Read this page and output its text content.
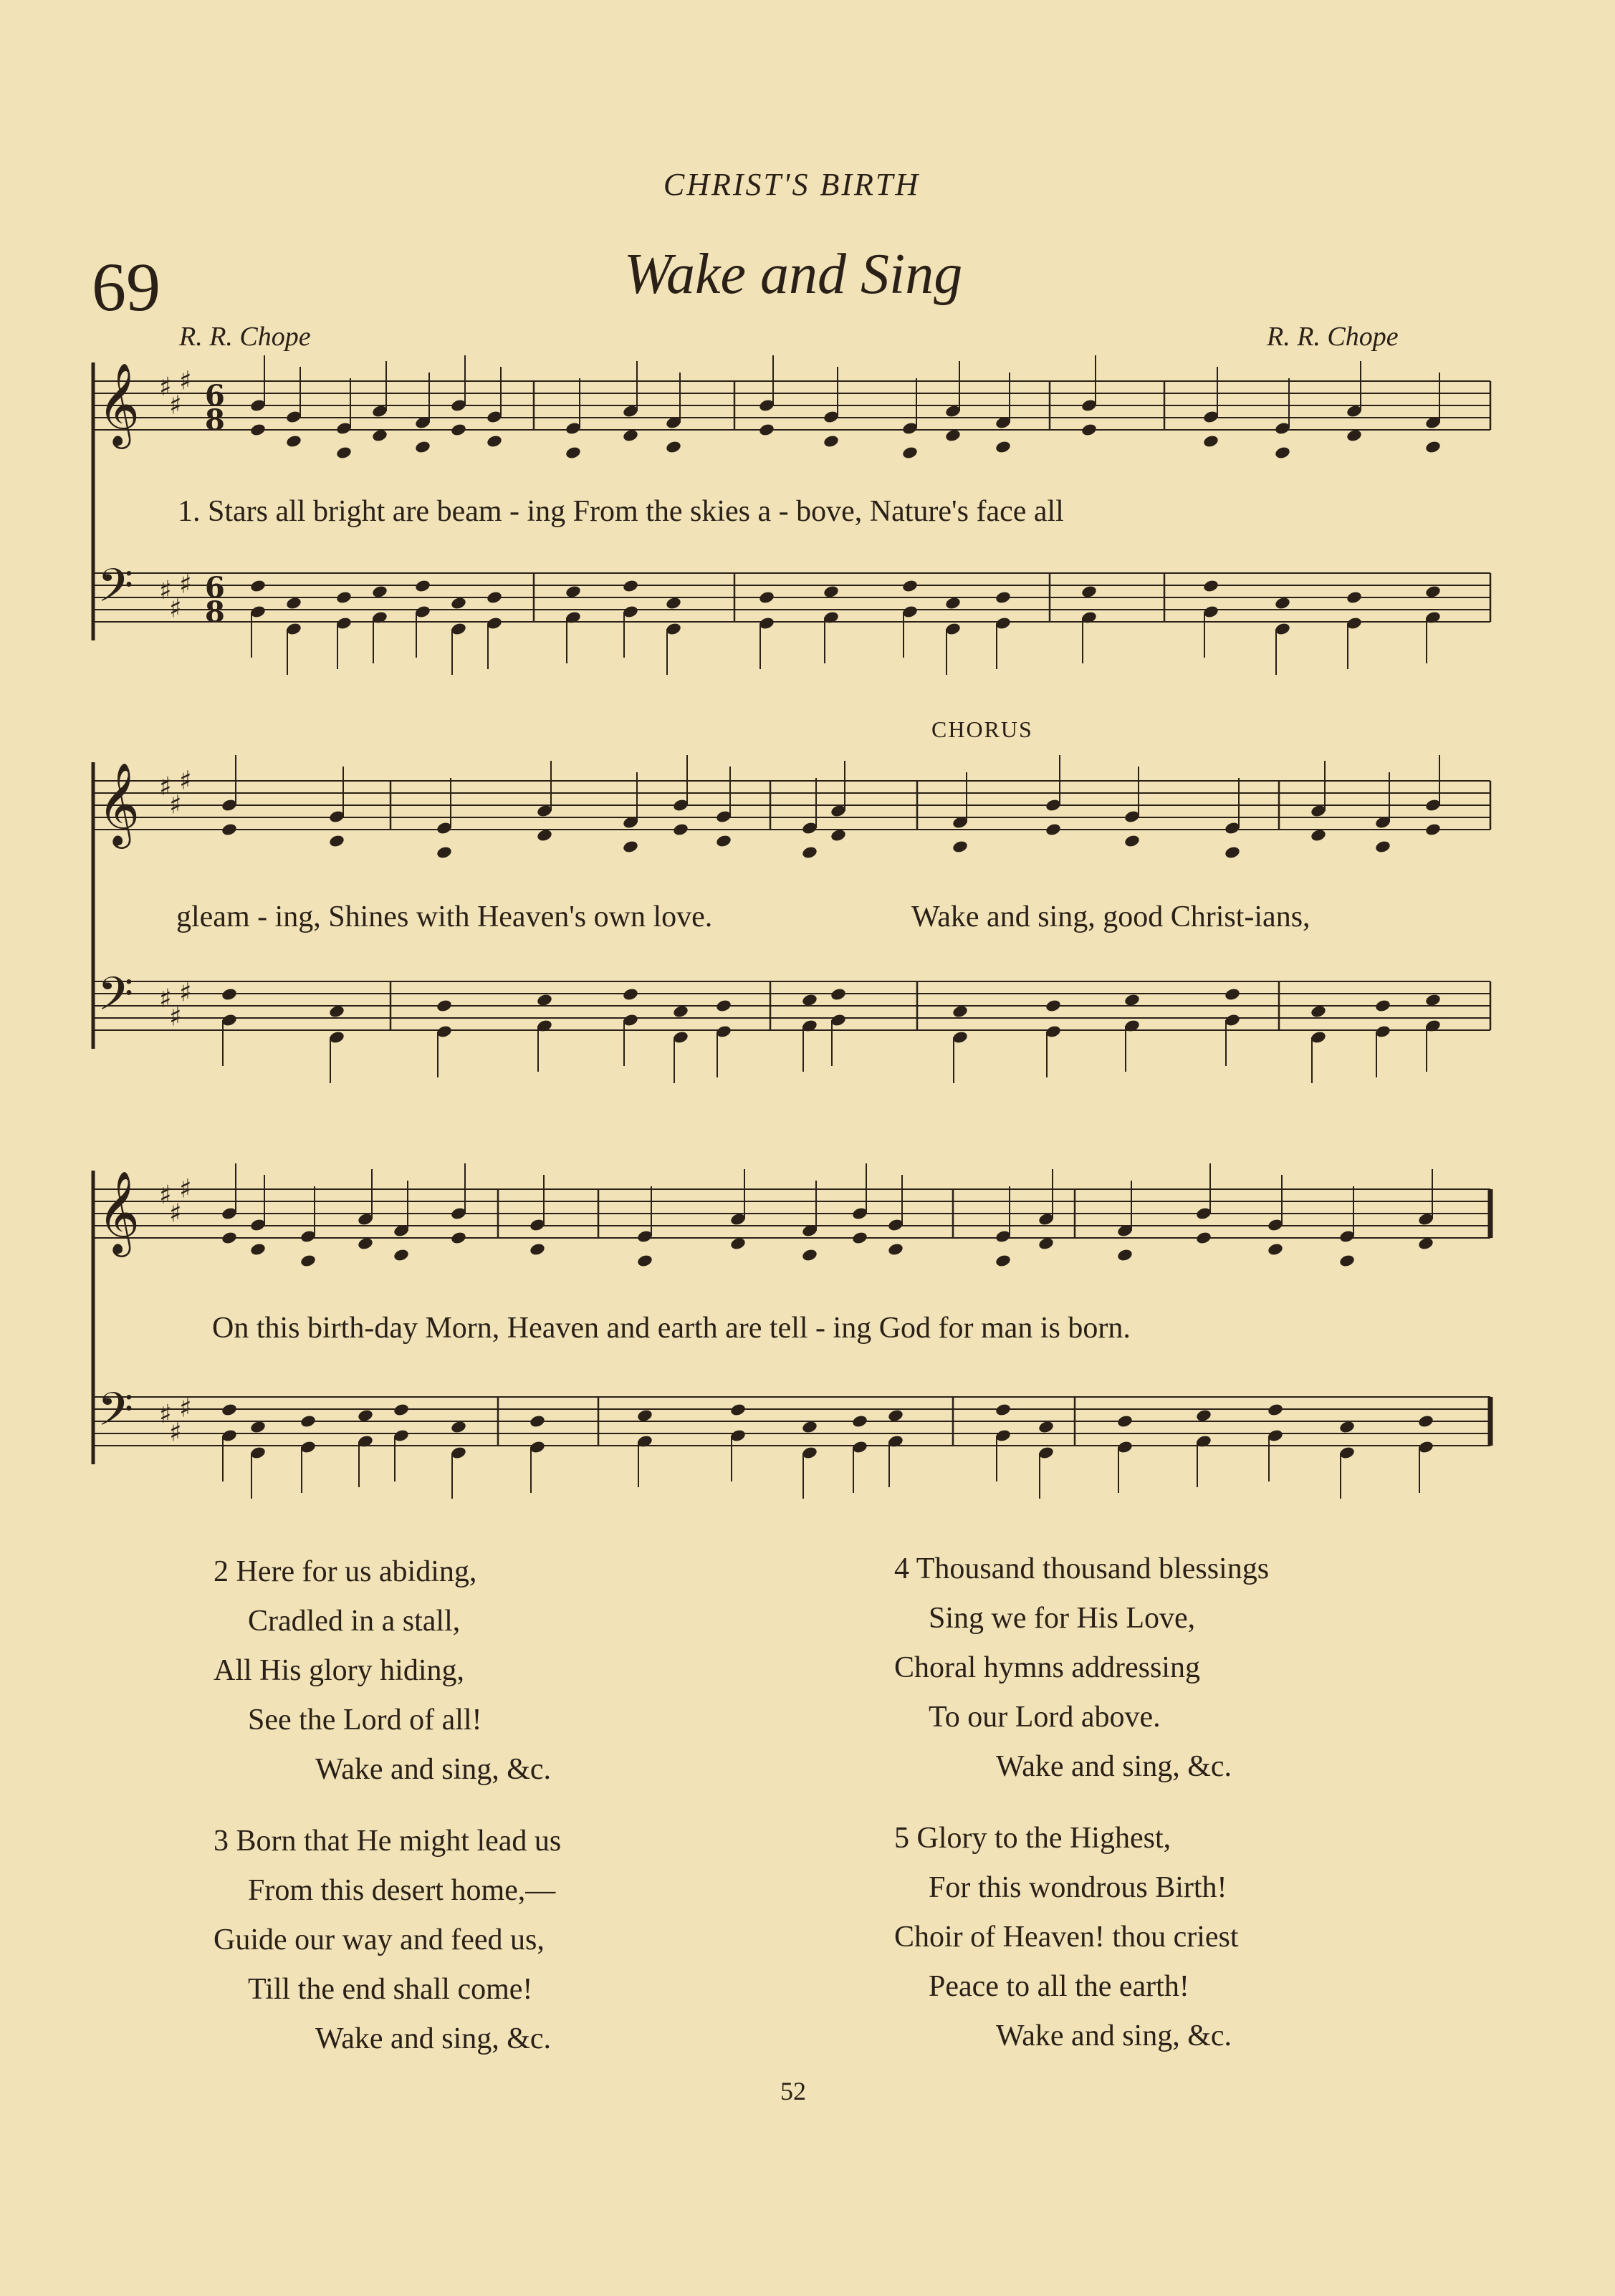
CHRIST'S BIRTH
69	Wake and Sing
R. R. Chope	R. R. Chope
𝄞
𝄢
♯
♯
♯
♯
♯
♯
6
6
8
8
𝄞
𝄢
♯
♯
♯
♯
♯
♯
𝄞
𝄢
♯
♯
♯
♯
♯
♯
1. Stars all bright are beam - ing From the skies a - bove, Nature's face all
gleam - ing, Shines with Heaven's own love.	Wake and sing, good Christ-ians,
On this birth-day Morn, Heaven and earth are tell - ing God for man is born.
CHORUS
2 Here for us abiding,
Cradled in a stall,
All His glory hiding,
See the Lord of all!
Wake and sing, &c.
3 Born that He might lead us
From this desert home,—
Guide our way and feed us,
Till the end shall come!
Wake and sing, &c.
4 Thousand thousand blessings
Sing we for His Love,
Choral hymns addressing
To our Lord above.
Wake and sing, &c.
5 Glory to the Highest,
For this wondrous Birth!
Choir of Heaven! thou criest
Peace to all the earth!
Wake and sing, &c.
52
